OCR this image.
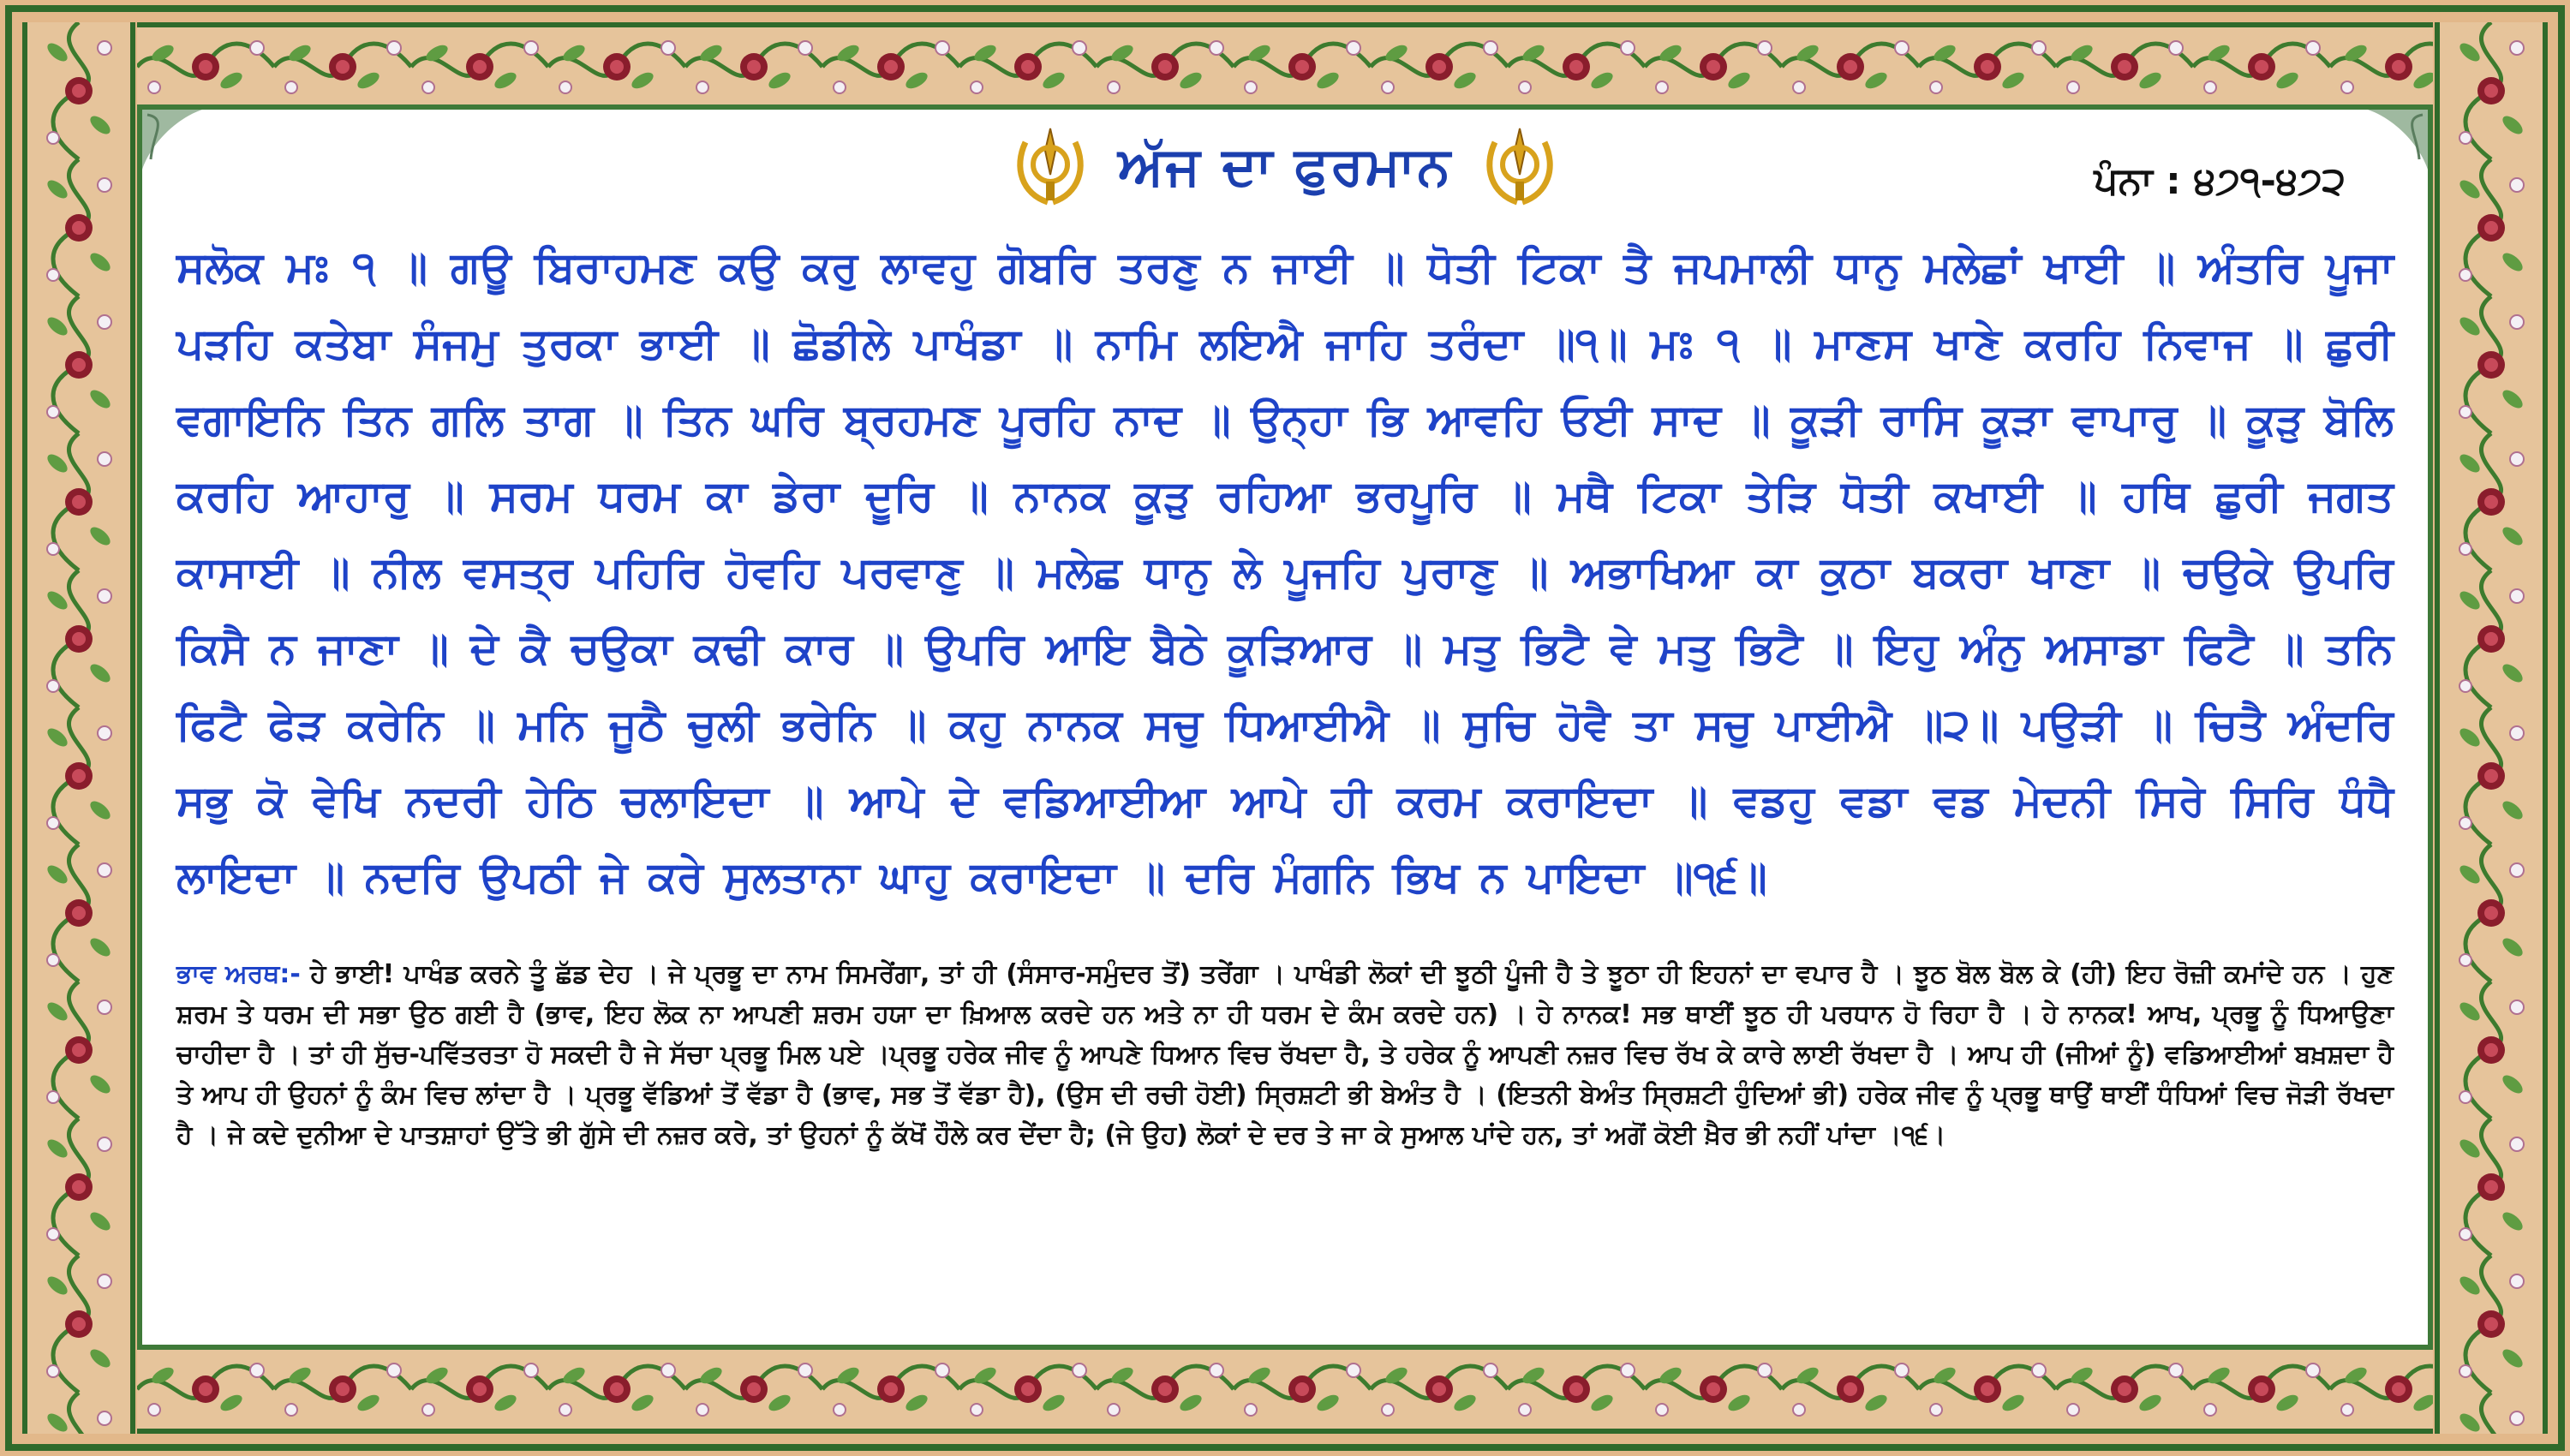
ਅੱਜ ਦਾ ਫੁਰਮਾਨ	ਪੰਨਾ : ੪੭੧-੪੭੨
ਸਲੋਕ ਮਃ ੧ ॥ ਗਊ ਬਿਰਾਹਮਣ ਕਉ ਕਰੁ ਲਾਵਹੁ ਗੋਬਰਿ ਤਰਣੁ ਨ ਜਾਈ ॥ ਧੋਤੀ ਟਿਕਾ ਤੈ ਜਪਮਾਲੀ ਧਾਨੁ ਮਲੇਛਾਂ ਖਾਈ ॥ ਅੰਤਰਿ ਪੂਜਾ ਪੜਹਿ ਕਤੇਬਾ ਸੰਜਮੁ ਤੁਰਕਾ ਭਾਈ ॥ ਛੋਡੀਲੇ ਪਾਖੰਡਾ ॥ ਨਾਮਿ ਲਇਐ ਜਾਹਿ ਤਰੰਦਾ ॥੧॥ ਮਃ ੧ ॥ ਮਾਣਸ ਖਾਣੇ ਕਰਹਿ ਨਿਵਾਜ ॥ ਛੁਰੀ ਵਗਾਇਨਿ ਤਿਨ ਗਲਿ ਤਾਗ ॥ ਤਿਨ ਘਰਿ ਬ੍ਰਹਮਣ ਪੂਰਹਿ ਨਾਦ ॥ ਉਨ੍ਹਾ ਭਿ ਆਵਹਿ ਓਈ ਸਾਦ ॥ ਕੂੜੀ ਰਾਸਿ ਕੂੜਾ ਵਾਪਾਰੁ ॥ ਕੂੜੁ ਬੋਲਿ ਕਰਹਿ ਆਹਾਰੁ ॥ ਸਰਮ ਧਰਮ ਕਾ ਡੇਰਾ ਦੂਰਿ ॥ ਨਾਨਕ ਕੂੜੁ ਰਹਿਆ ਭਰਪੂਰਿ ॥ ਮਥੈ ਟਿਕਾ ਤੇੜਿ ਧੋਤੀ ਕਖਾਈ ॥ ਹਥਿ ਛੁਰੀ ਜਗਤ ਕਾਸਾਈ ॥ ਨੀਲ ਵਸਤ੍ਰ ਪਹਿਰਿ ਹੋਵਹਿ ਪਰਵਾਣੁ ॥ ਮਲੇਛ ਧਾਨੁ ਲੇ ਪੂਜਹਿ ਪੁਰਾਣੁ ॥ ਅਭਾਖਿਆ ਕਾ ਕੁਠਾ ਬਕਰਾ ਖਾਣਾ ॥ ਚਉਕੇ ਉਪਰਿ ਕਿਸੈ ਨ ਜਾਣਾ ॥ ਦੇ ਕੈ ਚਉਕਾ ਕਢੀ ਕਾਰ ॥ ਉਪਰਿ ਆਇ ਬੈਠੇ ਕੂੜਿਆਰ ॥ ਮਤੁ ਭਿਟੈ ਵੇ ਮਤੁ ਭਿਟੈ ॥ ਇਹੁ ਅੰਨੁ ਅਸਾਡਾ ਫਿਟੈ ॥ ਤਨਿ ਫਿਟੈ ਫੇੜ ਕਰੇਨਿ ॥ ਮਨਿ ਜੂਠੈ ਚੁਲੀ ਭਰੇਨਿ ॥ ਕਹੁ ਨਾਨਕ ਸਚੁ ਧਿਆਈਐ ॥ ਸੁਚਿ ਹੋਵੈ ਤਾ ਸਚੁ ਪਾਈਐ ॥੨॥ ਪਉੜੀ ॥ ਚਿਤੈ ਅੰਦਰਿ ਸਭੁ ਕੋ ਵੇਖਿ ਨਦਰੀ ਹੇਠਿ ਚਲਾਇਦਾ ॥ ਆਪੇ ਦੇ ਵਡਿਆਈਆ ਆਪੇ ਹੀ ਕਰਮ ਕਰਾਇਦਾ ॥ ਵਡਹੁ ਵਡਾ ਵਡ ਮੇਦਨੀ ਸਿਰੇ ਸਿਰਿ ਧੰਧੈ ਲਾਇਦਾ ॥ ਨਦਰਿ ਉਪਠੀ ਜੇ ਕਰੇ ਸੁਲਤਾਨਾ ਘਾਹੁ ਕਰਾਇਦਾ ॥ ਦਰਿ ਮੰਗਨਿ ਭਿਖ ਨ ਪਾਇਦਾ ॥੧੬॥
ਭਾਵ ਅਰਥ:- ਹੇ ਭਾਈ! ਪਾਖੰਡ ਕਰਨੇ ਤੂੰ ਛੱਡ ਦੇਹ । ਜੇ ਪ੍ਰਭੂ ਦਾ ਨਾਮ ਸਿਮਰੇਂਗਾ, ਤਾਂ ਹੀ (ਸੰਸਾਰ-ਸਮੁੰਦਰ ਤੋਂ) ਤਰੇਂਗਾ । ਪਾਖੰਡੀ ਲੋਕਾਂ ਦੀ ਝੂਠੀ ਪੂੰਜੀ ਹੈ ਤੇ ਝੂਠਾ ਹੀ ਇਹਨਾਂ ਦਾ ਵਪਾਰ ਹੈ । ਝੂਠ ਬੋਲ ਬੋਲ ਕੇ (ਹੀ) ਇਹ ਰੋਜ਼ੀ ਕਮਾਂਦੇ ਹਨ । ਹੁਣ ਸ਼ਰਮ ਤੇ ਧਰਮ ਦੀ ਸਭਾ ਉਠ ਗਈ ਹੈ (ਭਾਵ, ਇਹ ਲੋਕ ਨਾ ਆਪਣੀ ਸ਼ਰਮ ਹਯਾ ਦਾ ਖ਼ਿਆਲ ਕਰਦੇ ਹਨ ਅਤੇ ਨਾ ਹੀ ਧਰਮ ਦੇ ਕੰਮ ਕਰਦੇ ਹਨ) । ਹੇ ਨਾਨਕ! ਸਭ ਥਾਈਂ ਝੂਠ ਹੀ ਪਰਧਾਨ ਹੋ ਰਿਹਾ ਹੈ । ਹੇ ਨਾਨਕ! ਆਖ, ਪ੍ਰਭੂ ਨੂੰ ਧਿਆਉਣਾ ਚਾਹੀਦਾ ਹੈ । ਤਾਂ ਹੀ ਸੁੱਚ-ਪਵਿੱਤਰਤਾ ਹੋ ਸਕਦੀ ਹੈ ਜੇ ਸੱਚਾ ਪ੍ਰਭੂ ਮਿਲ ਪਏ ।ਪ੍ਰਭੂ ਹਰੇਕ ਜੀਵ ਨੂੰ ਆਪਣੇ ਧਿਆਨ ਵਿਚ ਰੱਖਦਾ ਹੈ, ਤੇ ਹਰੇਕ ਨੂੰ ਆਪਣੀ ਨਜ਼ਰ ਵਿਚ ਰੱਖ ਕੇ ਕਾਰੇ ਲਾਈ ਰੱਖਦਾ ਹੈ । ਆਪ ਹੀ (ਜੀਆਂ ਨੂੰ) ਵਡਿਆਈਆਂ ਬਖ਼ਸ਼ਦਾ ਹੈ ਤੇ ਆਪ ਹੀ ਉਹਨਾਂ ਨੂੰ ਕੰਮ ਵਿਚ ਲਾਂਦਾ ਹੈ । ਪ੍ਰਭੂ ਵੱਡਿਆਂ ਤੋਂ ਵੱਡਾ ਹੈ (ਭਾਵ, ਸਭ ਤੋਂ ਵੱਡਾ ਹੈ), (ਉਸ ਦੀ ਰਚੀ ਹੋਈ) ਸ੍ਰਿਸ਼ਟੀ ਭੀ ਬੇਅੰਤ ਹੈ । (ਇਤਨੀ ਬੇਅੰਤ ਸ੍ਰਿਸ਼ਟੀ ਹੁੰਦਿਆਂ ਭੀ) ਹਰੇਕ ਜੀਵ ਨੂੰ ਪ੍ਰਭੂ ਥਾਉਂ ਥਾਈਂ ਧੰਧਿਆਂ ਵਿਚ ਜੋੜੀ ਰੱਖਦਾ ਹੈ । ਜੇ ਕਦੇ ਦੁਨੀਆ ਦੇ ਪਾਤਸ਼ਾਹਾਂ ਉੱਤੇ ਭੀ ਗੁੱਸੇ ਦੀ ਨਜ਼ਰ ਕਰੇ, ਤਾਂ ਉਹਨਾਂ ਨੂੰ ਕੱਖੋਂ ਹੌਲੇ ਕਰ ਦੇਂਦਾ ਹੈ; (ਜੇ ਉਹ) ਲੋਕਾਂ ਦੇ ਦਰ ਤੇ ਜਾ ਕੇ ਸੁਆਲ ਪਾਂਦੇ ਹਨ, ਤਾਂ ਅਗੋਂ ਕੋਈ ਖ਼ੈਰ ਭੀ ਨਹੀਂ ਪਾਂਦਾ ।੧੬।
